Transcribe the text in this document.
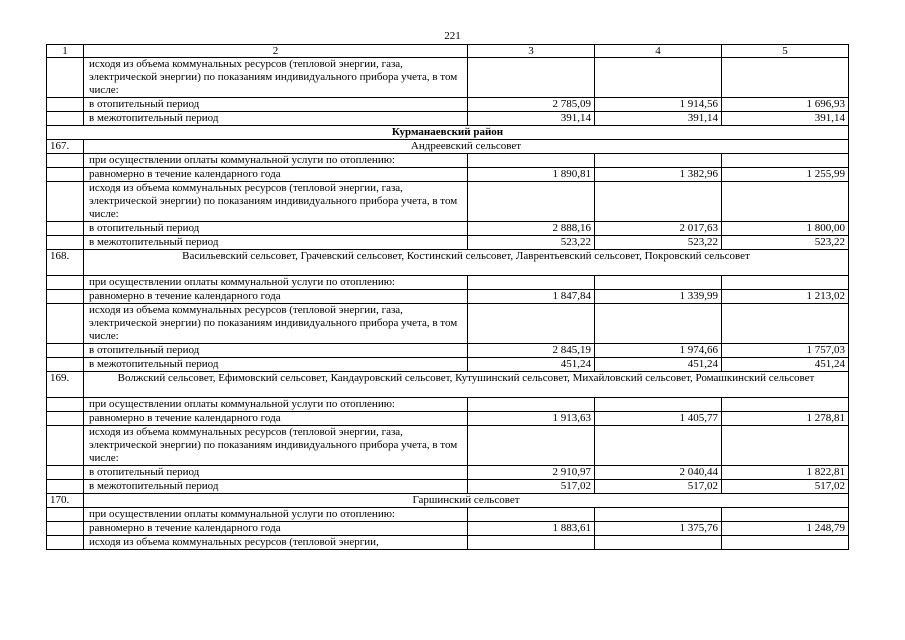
221
1	2	3	4	5
	исходя из объема коммунальных ресурсов (тепловой энергии, газа, электрической энергии) по показаниям индивидуального прибора учета, в том числе:			
	в отопительный период	2 785,09	1 914,56	1 696,93
	в межотопительный период	391,14	391,14	391,14
Курманаевский район				
167.	Андреевский сельсовет			
	при осуществлении оплаты коммунальной услуги по отоплению:			
	равномерно в течение календарного года	1 890,81	1 382,96	1 255,99
	исходя из объема коммунальных ресурсов (тепловой энергии, газа, электрической энергии) по показаниям индивидуального прибора учета, в том числе:			
	в отопительный период	2 888,16	2 017,63	1 800,00
	в межотопительный период	523,22	523,22	523,22
168.	Васильевский сельсовет, Грачевский сельсовет, Костинский сельсовет, Лаврентьевский сельсовет, Покровский сельсовет			
	при осуществлении оплаты коммунальной услуги по отоплению:			
	равномерно в течение календарного года	1 847,84	1 339,99	1 213,02
	исходя из объема коммунальных ресурсов (тепловой энергии, газа, электрической энергии) по показаниям индивидуального прибора учета, в том числе:			
	в отопительный период	2 845,19	1 974,66	1 757,03
	в межотопительный период	451,24	451,24	451,24
169.	Волжский сельсовет, Ефимовский сельсовет, Кандауровский сельсовет, Кутушинский сельсовет, Михайловский сельсовет, Ромашкинский сельсовет			
	при осуществлении оплаты коммунальной услуги по отоплению:			
	равномерно в течение календарного года	1 913,63	1 405,77	1 278,81
	исходя из объема коммунальных ресурсов (тепловой энергии, газа, электрической энергии) по показаниям индивидуального прибора учета, в том числе:			
	в отопительный период	2 910,97	2 040,44	1 822,81
	в межотопительный период	517,02	517,02	517,02
170.	Гаршинский сельсовет			
	при осуществлении оплаты коммунальной услуги по отоплению:			
	равномерно в течение календарного года	1 883,61	1 375,76	1 248,79
	исходя из объема коммунальных ресурсов (тепловой энергии,			
